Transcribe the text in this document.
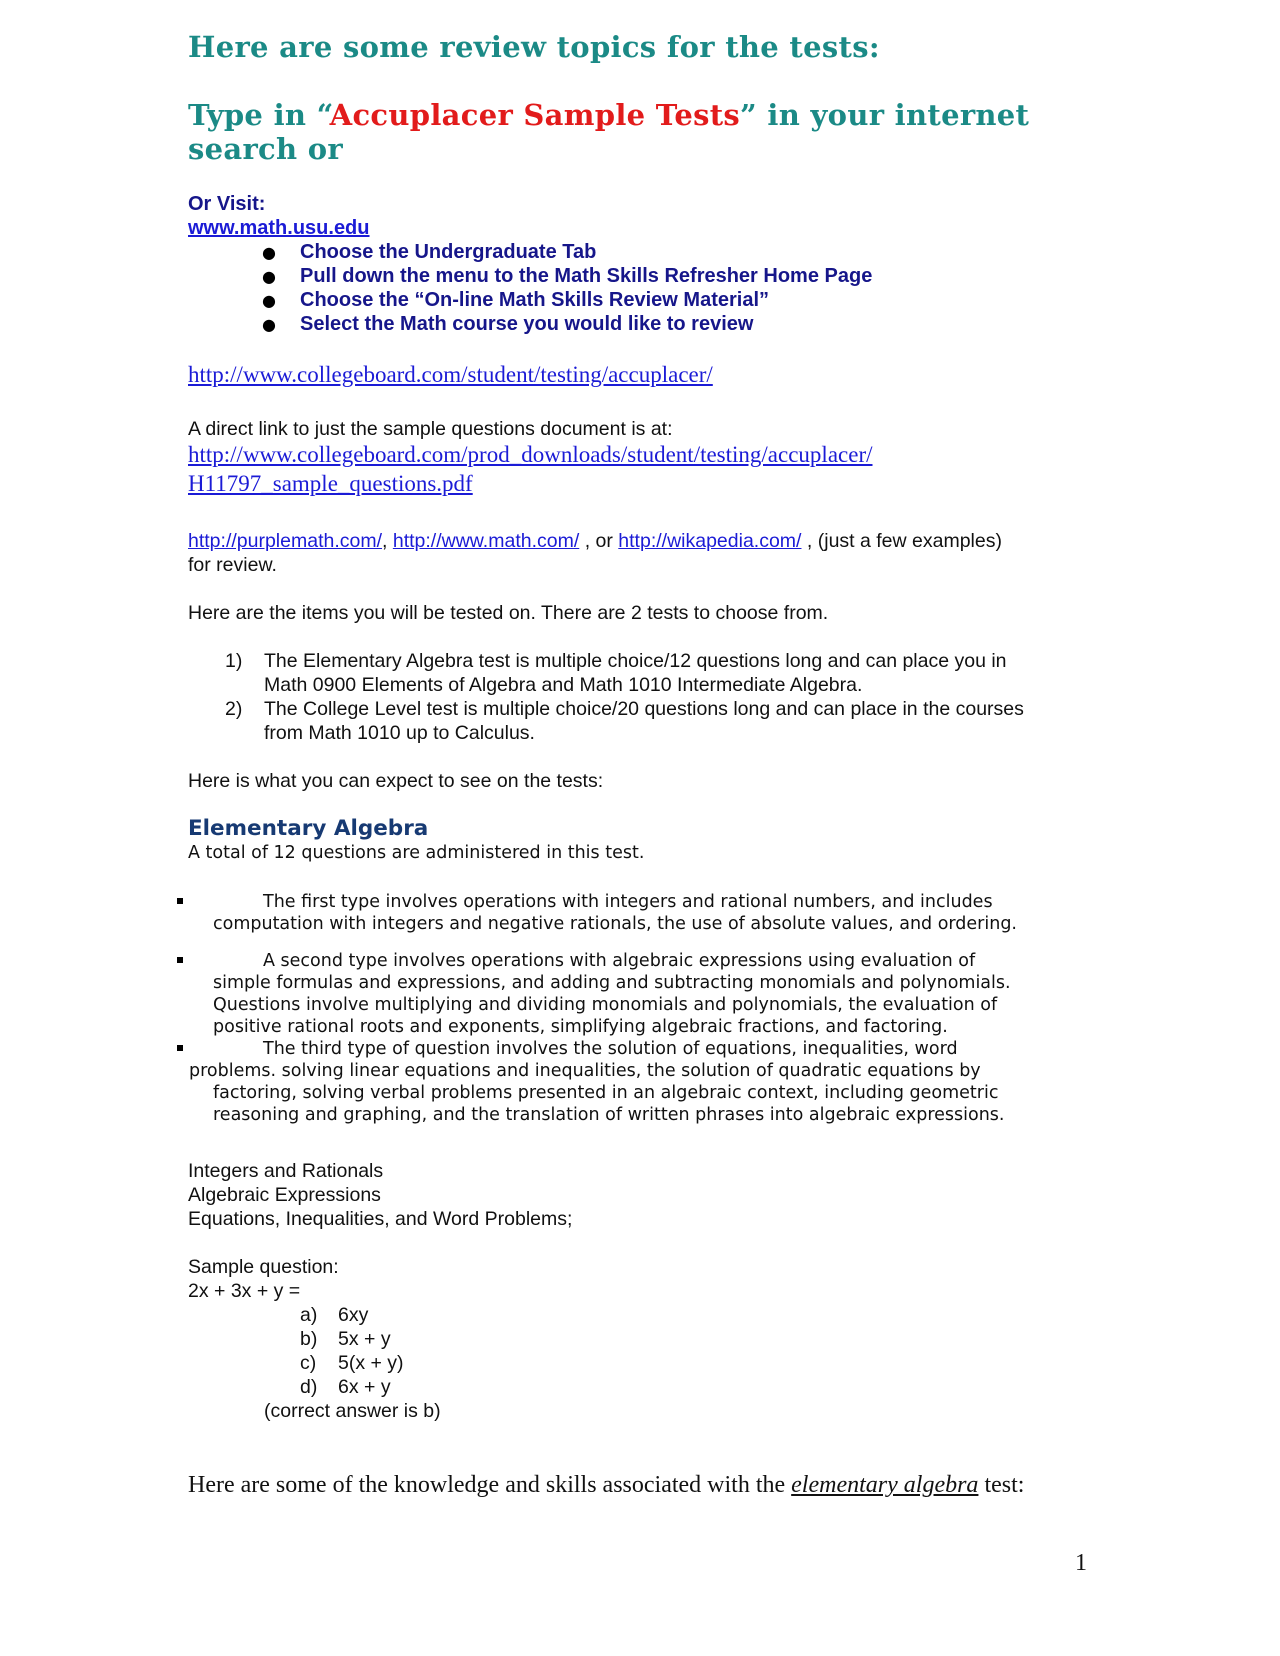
Here are some review topics for the tests:
Type in “Accuplacer Sample Tests” in your internet
search or
Or Visit:
www.math.usu.edu
● Choose the Undergraduate Tab
● Pull down the menu to the Math Skills Refresher Home Page
● Choose the “On-line Math Skills Review Material”
● Select the Math course you would like to review
http://www.collegeboard.com/student/testing/accuplacer/
A direct link to just the sample questions document is at:
http://www.collegeboard.com/prod_downloads/student/testing/accuplacer/
H11797_sample_questions.pdf
http://purplemath.com/, http://www.math.com/ , or http://wikapedia.com/ , (just a few examples)
for review.
Here are the items you will be tested on. There are 2 tests to choose from.
1) The Elementary Algebra test is multiple choice/12 questions long and can place you in
Math 0900 Elements of Algebra and Math 1010 Intermediate Algebra.
2) The College Level test is multiple choice/20 questions long and can place in the courses
from Math 1010 up to Calculus.
Here is what you can expect to see on the tests:
Elementary Algebra
A total of 12 questions are administered in this test.
The first type involves operations with integers and rational numbers, and includes
computation with integers and negative rationals, the use of absolute values, and ordering.
A second type involves operations with algebraic expressions using evaluation of
simple formulas and expressions, and adding and subtracting monomials and polynomials.
Questions involve multiplying and dividing monomials and polynomials, the evaluation of
positive rational roots and exponents, simplifying algebraic fractions, and factoring.
The third type of question involves the solution of equations, inequalities, word
problems. solving linear equations and inequalities, the solution of quadratic equations by
factoring, solving verbal problems presented in an algebraic context, including geometric
reasoning and graphing, and the translation of written phrases into algebraic expressions.
Integers and Rationals
Algebraic Expressions
Equations, Inequalities, and Word Problems;
Sample question:
2x + 3x + y =
a) 6xy
b) 5x + y
c) 5(x + y)
d) 6x + y
(correct answer is b)
Here are some of the knowledge and skills associated with the elementary algebra test:
1
